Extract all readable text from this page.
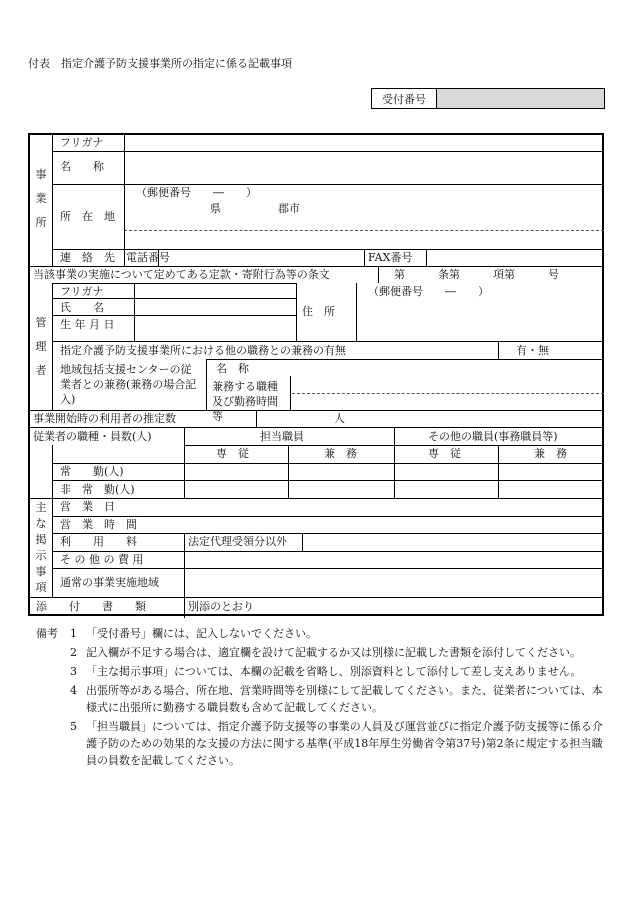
付表　指定介護予防支援事業所の指定に係る記載事項
受付番号
事業所
フリガナ
名　　称
所　在　地
（郵便番号　　―　　）
県	郡市
連　絡　先 電話番号	FAX番号
当該事業の実施について定めてある定款・寄附行為等の条文	第　　　条第　　　項第　　　号
管理者
フリガナ
氏　　名
生 年 月 日
住　所
（郵便番号　　―　　）
指定介護予防支援事業所における他の職務との兼務の有無	有・無
地域包括支援センターの従業者との兼務(兼務の場合記入)
名　称
兼務する職種及び勤務時間等
事業開始時の利用者の推定数	人
従業者の職種・員数(人)	担当職員	その他の職員(事務職員等)
専　従	兼　務	専　従	兼　務
常　　勤(人)
非　常　勤(人)
主な掲示事項
営　業　日
営　業　時　間
利　　用　　料	法定代理受領分以外
そ の 他 の 費 用
通常の事業実施地域
添　　付　　書　　類	別添のとおり
備考	1 「受付番号」欄には、記入しないでください。
2 記入欄が不足する場合は、適宜欄を設けて記載するか又は別様に記載した書類を添付してください。
3 「主な掲示事項」については、本欄の記載を省略し、別添資料として添付して差し支えありません。
4 出張所等がある場合、所在地、営業時間等を別様にして記載してください。また、従業者については、本様式に出張所に勤務する職員数も含めて記載してください。
5 「担当職員」については、指定介護予防支援等の事業の人員及び運営並びに指定介護予防支援等に係る介護予防のための効果的な支援の方法に関する基準(平成18年厚生労働省令第37号)第2条に規定する担当職員の員数を記載してください。
